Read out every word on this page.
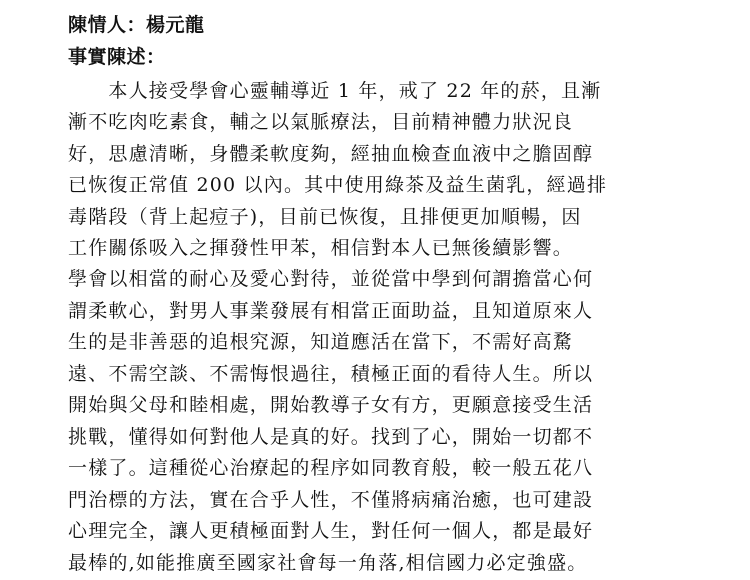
陳情人：楊元龍
事實陳述：
　　本人接受學會心靈輔導近 1 年，戒了 22 年的菸，且漸
漸不吃肉吃素食，輔之以氣脈療法，目前精神體力狀況良
好，思慮清晰，身體柔軟度夠，經抽血檢查血液中之膽固醇
已恢復正常值 200 以內。其中使用綠茶及益生菌乳，經過排
毒階段（背上起痘子)，目前已恢復，且排便更加順暢，因
工作關係吸入之揮發性甲苯，相信對本人已無後續影響。
學會以相當的耐心及愛心對待，並從當中學到何謂擔當心何
謂柔軟心，對男人事業發展有相當正面助益，且知道原來人
生的是非善惡的追根究源，知道應活在當下，不需好高騖
遠、不需空談、不需悔恨過往，積極正面的看待人生。所以
開始與父母和睦相處，開始教導子女有方，更願意接受生活
挑戰，懂得如何對他人是真的好。找到了心，開始一切都不
一樣了。這種從心治療起的程序如同教育般，較一般五花八
門治標的方法，實在合乎人性，不僅將病痛治癒，也可建設
心理完全，讓人更積極面對人生，對任何一個人，都是最好
最棒的,如能推廣至國家社會每一角落,相信國力必定強盛。
